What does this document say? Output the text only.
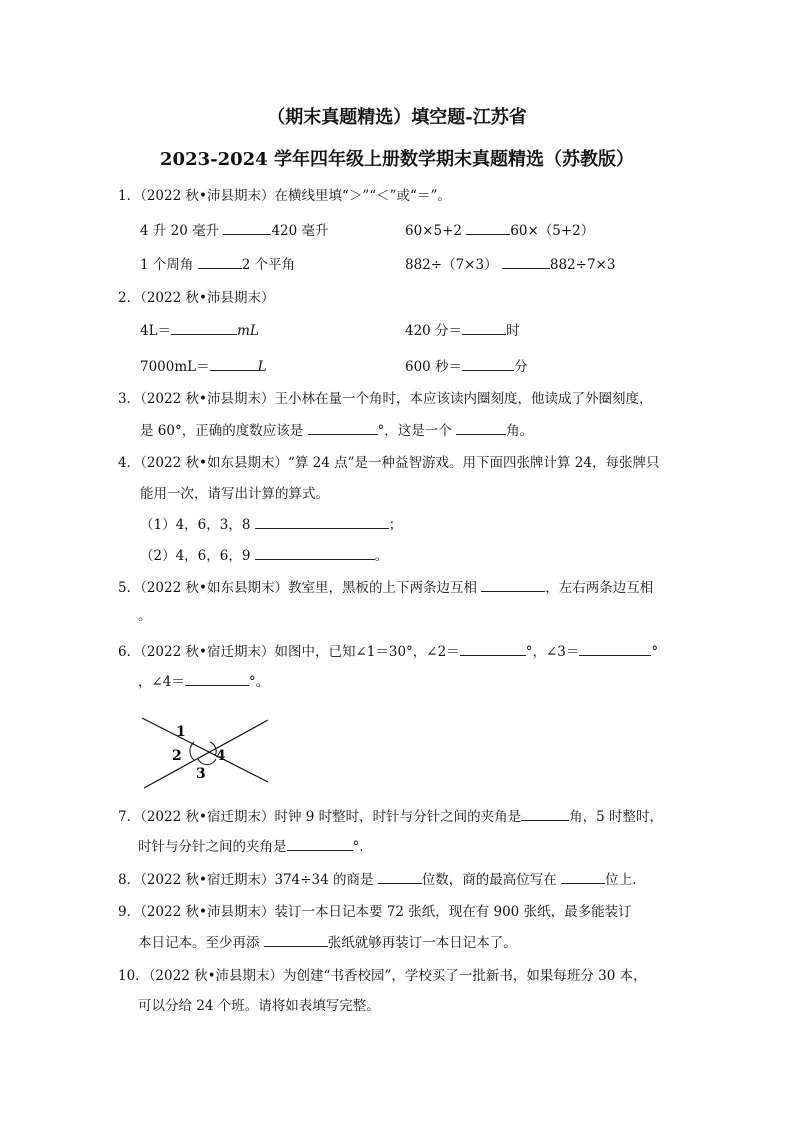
（期末真题精选）填空题-江苏省
2023-2024 学年四年级上册数学期末真题精选（苏教版）
1．（2022 秋•沛县期末）在横线里填“＞”“＜”或“＝”。
4 升 20 毫升	420 毫升	60×5+2	60×（5+2）
1 个周角	2 个平角	882÷（7×3）	882÷7×3
2．（2022 秋•沛县期末）
4L＝	mL	420 分＝	时
7000mL＝	L	600 秒＝	分
3．（2022 秋•沛县期末）王小林在量一个角时，本应该读内圈刻度，他读成了外圈刻度，
是 60°，正确的度数应该是	°，这是一个	角。
4．（2022 秋•如东县期末）“算 24 点”是一种益智游戏。用下面四张牌计算 24，每张牌只
能用一次，请写出计算的算式。
（1）4，6，3，8	；
（2）4，6，6，9	。
5．（2022 秋•如东县期末）教室里，黑板的上下两条边互相	，左右两条边互相
。
6．（2022 秋•宿迁期末）如图中，已知∠1＝30°，∠2＝	°，∠3＝	°
，∠4＝	°。
1
2
3
4
7．（2022 秋•宿迁期末）时钟 9 时整时，时针与分针之间的夹角是	角，5 时整时，
时针与分针之间的夹角是	°.
8．（2022 秋•宿迁期末）374÷34 的商是	位数，商的最高位写在	位上.
9．（2022 秋•沛县期末）装订一本日记本要 72 张纸，现在有 900 张纸，最多能装订
本日记本。至少再添	张纸就够再装订一本日记本了。
10．（2022 秋•沛县期末）为创建“书香校园”，学校买了一批新书，如果每班分 30 本，
可以分给 24 个班。请将如表填写完整。
